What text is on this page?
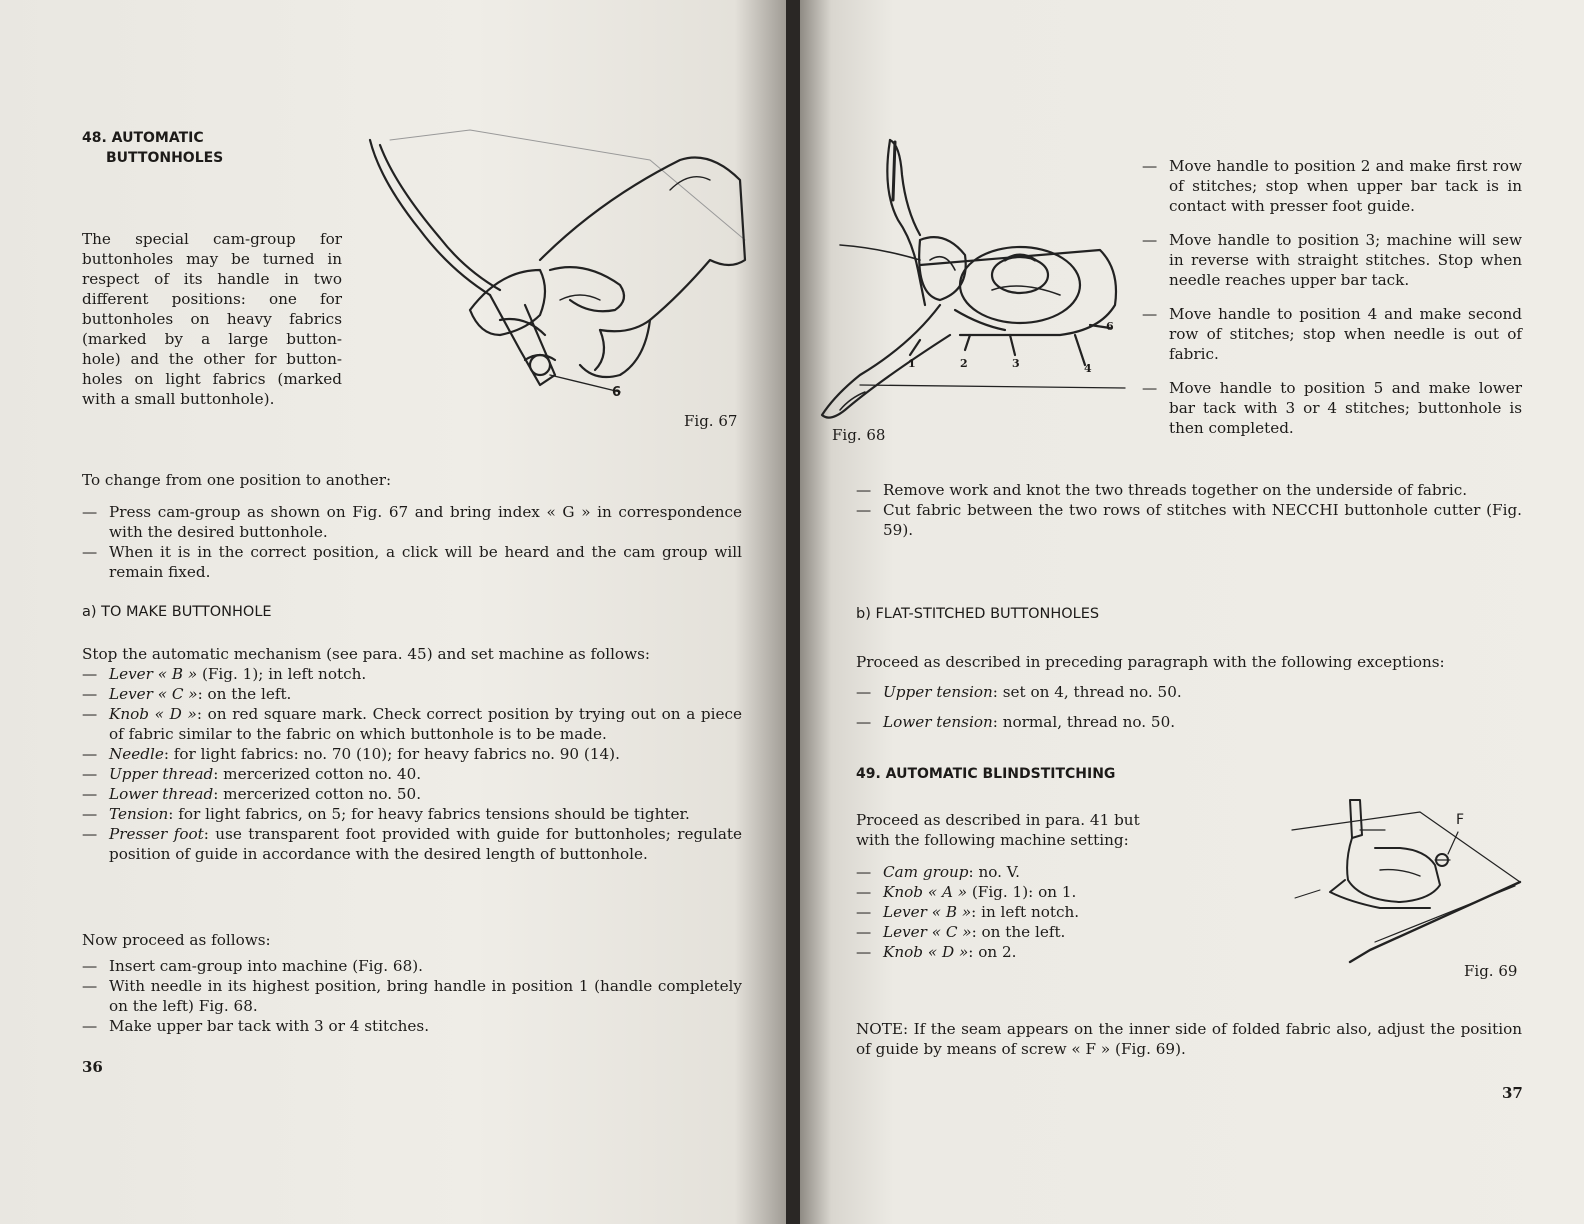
48. AUTOMATIC
BUTTONHOLES
The special cam-group for
buttonholes may be turned in
respect of its handle in two
different positions: one for
buttonholes on heavy fabrics
(marked by a large button-
hole) and the other for button-
holes on light fabrics (marked
with a small buttonhole).	6
Fig. 67
To change from one position to another:
— Press cam-group as shown on Fig. 67 and bring index « G » in correspondence with the desired buttonhole.
— When it is in the correct position, a click will be heard and the cam group will remain fixed.
a) TO MAKE BUTTONHOLE
Stop the automatic mechanism (see para. 45) and set machine as follows:
— Lever « B » (Fig. 1); in left notch.
— Lever « C »: on the left.
— Knob « D »: on red square mark. Check correct position by trying out on a piece of fabric similar to the fabric on which buttonhole is to be made.
— Needle: for light fabrics: no. 70 (10); for heavy fabrics no. 90 (14).
— Upper thread: mercerized cotton no. 40.
— Lower thread: mercerized cotton no. 50.
— Tension: for light fabrics, on 5; for heavy fabrics tensions should be tighter.
— Presser foot: use transparent foot provided with guide for buttonholes; regulate position of guide in accordance with the desired length of buttonhole.
Now proceed as follows:
— Insert cam-group into machine (Fig. 68).
— With needle in its highest position, bring handle in position 1 (handle completely on the left) Fig. 68.
— Make upper bar tack with 3 or 4 stitches.
36
1	2	3	4
6
Fig. 68
— Move handle to position 2 and make first row of stitches; stop when upper bar tack is in contact with presser foot guide.
— Move handle to position 3; machine will sew in reverse with straight stitches. Stop when needle reaches upper bar tack.
— Move handle to position 4 and make second row of stitches; stop when needle is out of fabric.
— Move handle to position 5 and make lower bar tack with 3 or 4 stitches; buttonhole is then completed.
— Remove work and knot the two threads together on the underside of fabric.
— Cut fabric between the two rows of stitches with NECCHI buttonhole cutter (Fig. 59).
b) FLAT-STITCHED BUTTONHOLES
Proceed as described in preceding paragraph with the following exceptions:
— Upper tension: set on 4, thread no. 50.
— Lower tension: normal, thread no. 50.
49. AUTOMATIC BLINDSTITCHING
Proceed as described in para. 41 but
with the following machine setting:
— Cam group: no. V.
— Knob « A » (Fig. 1): on 1.
— Lever « B »: in left notch.
— Lever « C »: on the left.
— Knob « D »: on 2.
F
Fig. 69
NOTE: If the seam appears on the inner side of folded fabric also, adjust the position of guide by means of screw « F » (Fig. 69).
37
